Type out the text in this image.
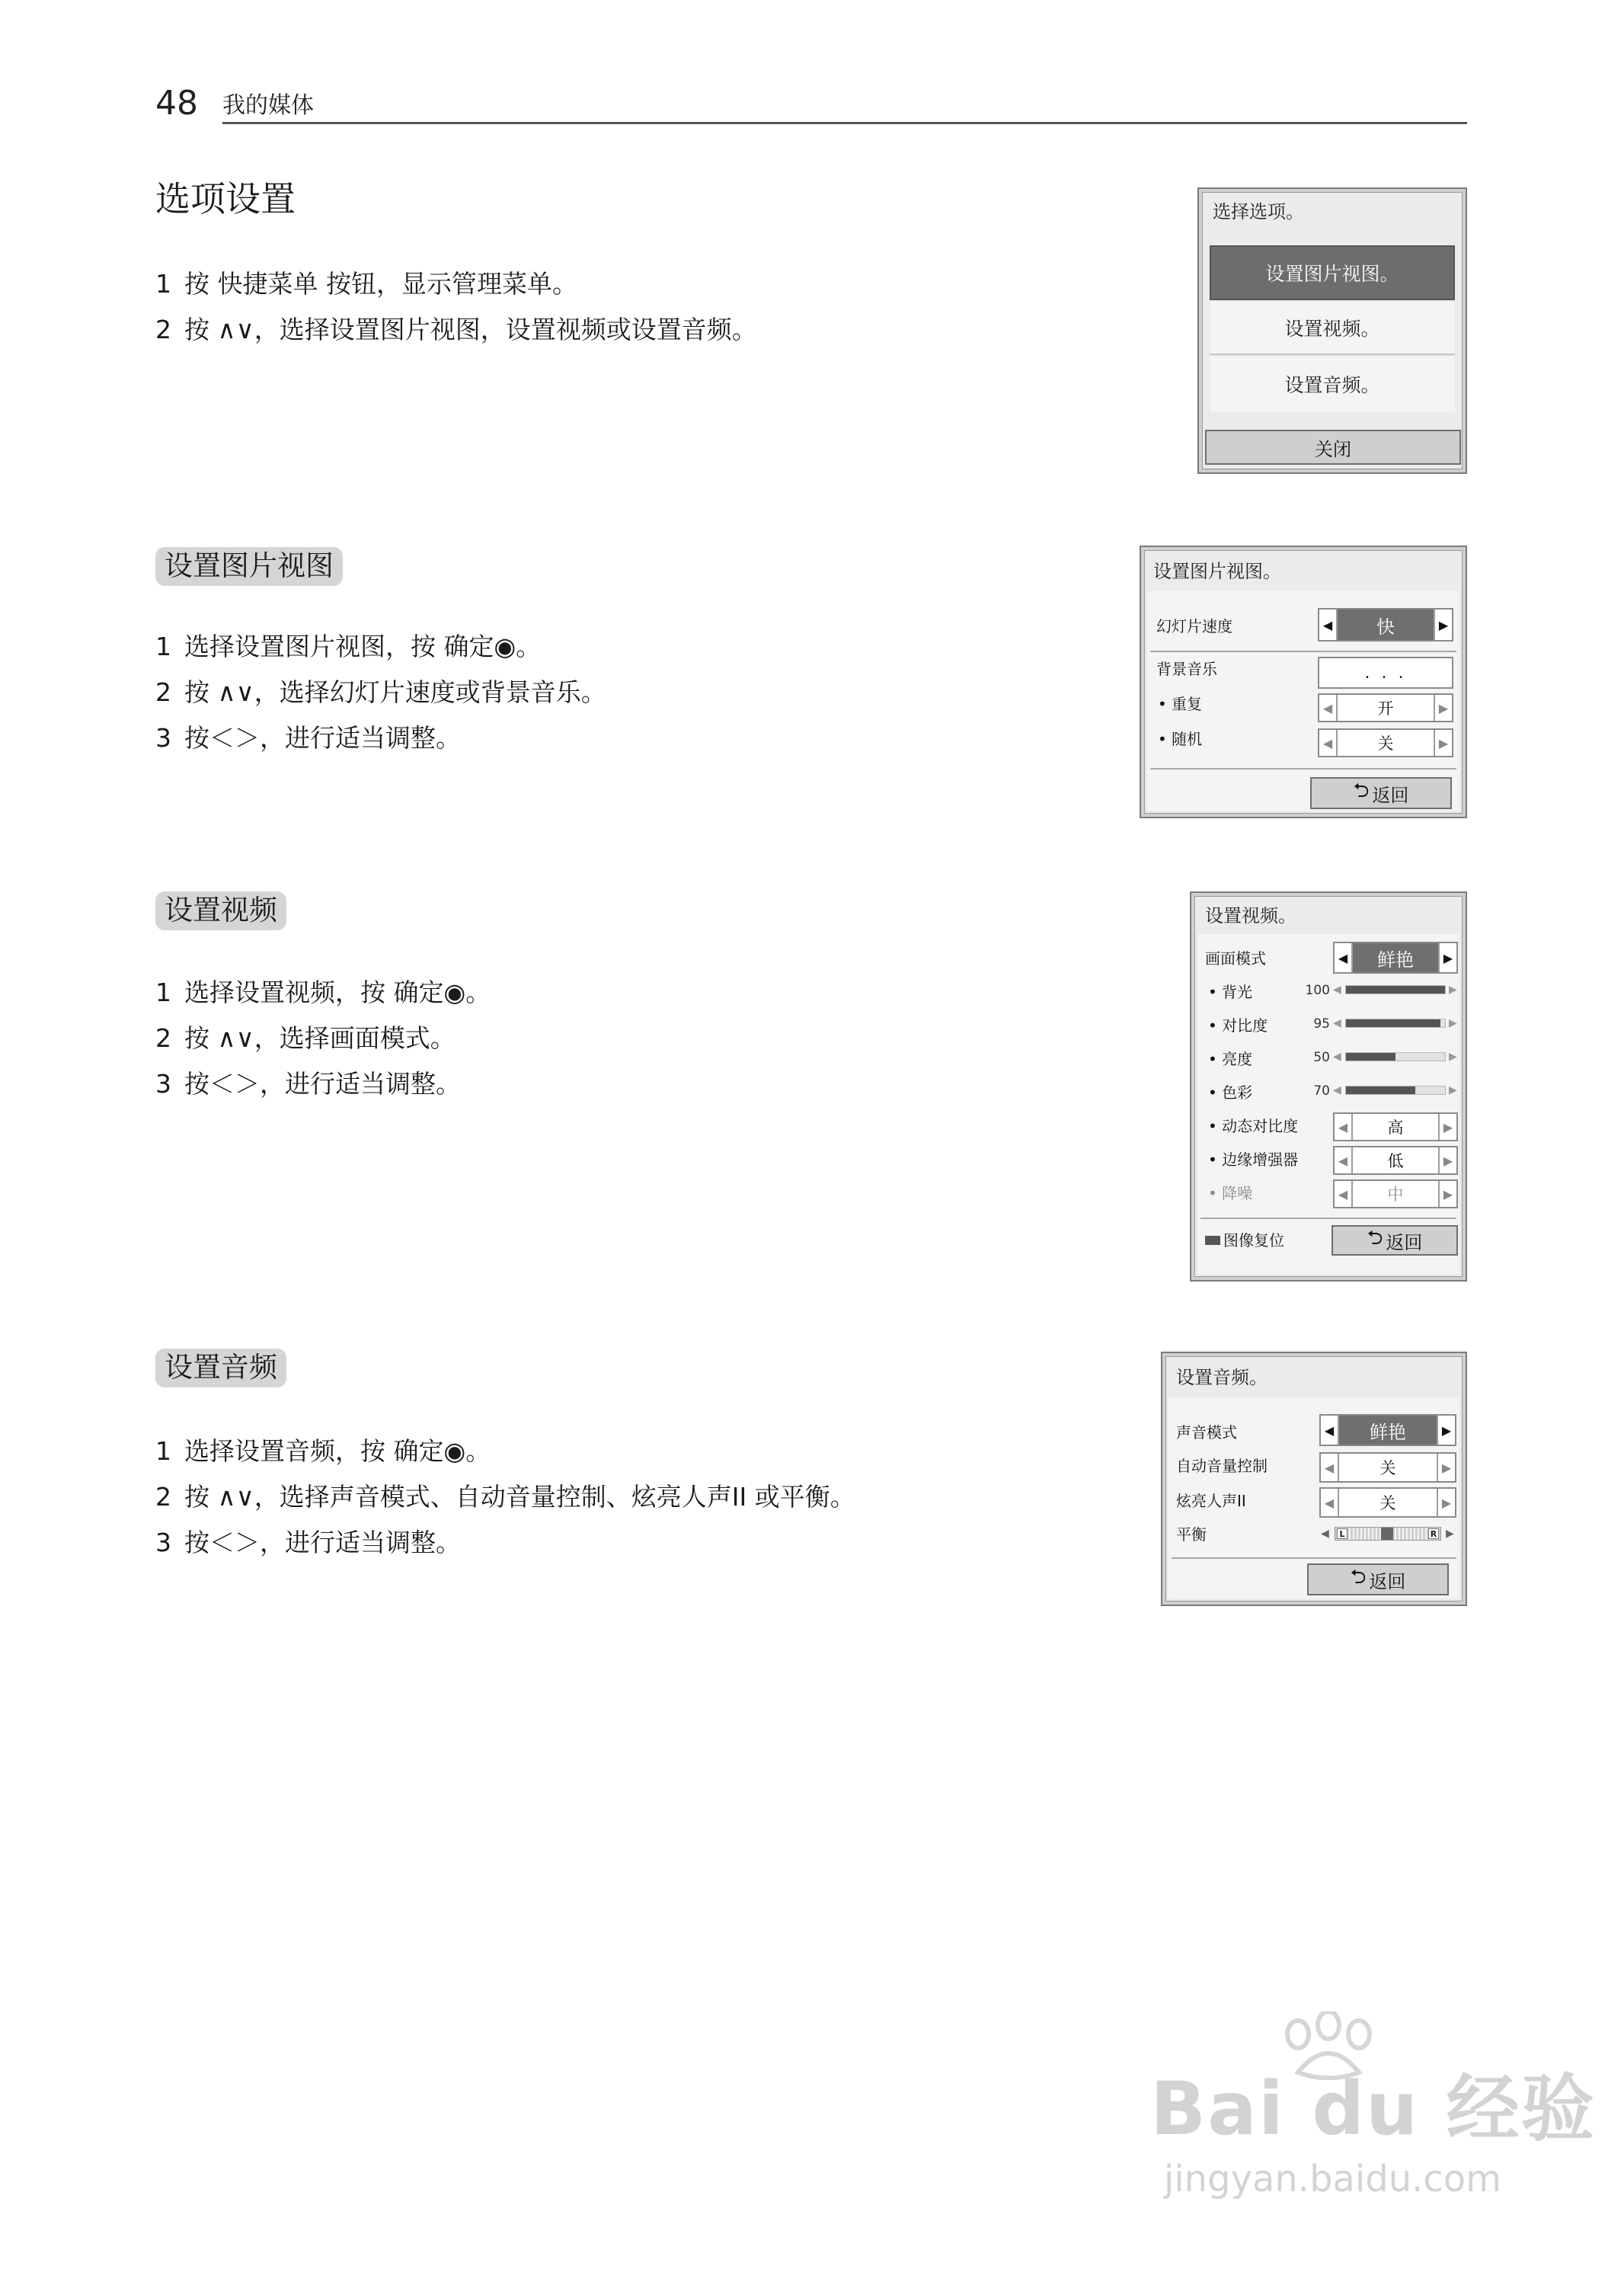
48 我的媒体
选项设置
1 按 快捷菜单 按钮，显示管理菜单。
2 按 ∧∨，选择设置图片视图，设置视频或设置音频。
选择选项。
设置图片视图。
设置视频。
设置音频。
关闭
设置图片视图
1 选择设置图片视图，按 确定◉。
2 按 ∧∨，选择幻灯片速度或背景音乐。
3 按＜＞，进行适当调整。
设置图片视图。
幻灯片速度	◀	快	▶
背景音乐	. . .
• 重复	◀	开	▶
• 随机	◀	关	▶
⮌ 返回
设置视频
1 选择设置视频，按 确定◉。
2 按 ∧∨，选择画面模式。
3 按＜＞，进行适当调整。
设置视频。
画面模式	◀	鲜艳	▶
• 背光	100 ◀	▶
• 对比度	95 ◀	▶
• 亮度	50 ◀	▶
• 色彩	70 ◀	▶
• 动态对比度	◀	高	▶
• 边缘增强器	◀	低	▶
• 降噪	◀	中	▶
图像复位	⮌ 返回
设置音频
1 选择设置音频，按 确定◉。
2 按 ∧∨，选择声音模式、自动音量控制、炫亮人声II 或平衡。
3 按＜＞，进行适当调整。
设置音频。
声音模式	◀	鲜艳	▶
自动音量控制	◀	关	▶
炫亮人声II	◀	关	▶
平衡	◀	L	R ▶
⮌ 返回
Bai du 经验
jingyan.baidu.com
